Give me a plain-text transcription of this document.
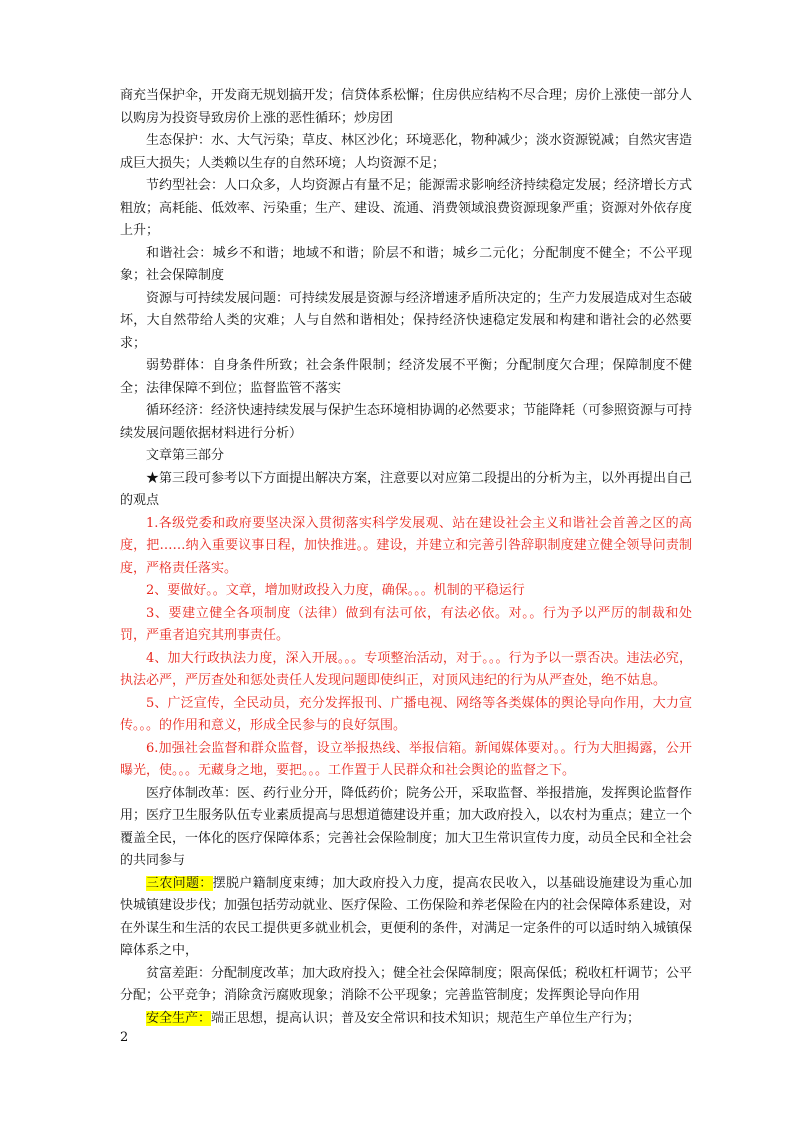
商充当保护伞，开发商无规划搞开发；信贷体系松懈；住房供应结构不尽合理；房价上涨使一部分人以购房为投资导致房价上涨的恶性循环；炒房团

生态保护：水、大气污染；草皮、林区沙化；环境恶化，物种减少；淡水资源锐减；自然灾害造成巨大损失；人类赖以生存的自然环境；人均资源不足；

节约型社会：人口众多，人均资源占有量不足；能源需求影响经济持续稳定发展；经济增长方式粗放；高耗能、低效率、污染重；生产、建设、流通、消费领域浪费资源现象严重；资源对外依存度上升；

和谐社会：城乡不和谐；地域不和谐；阶层不和谐；城乡二元化；分配制度不健全；不公平现象；社会保障制度

资源与可持续发展问题：可持续发展是资源与经济增速矛盾所决定的；生产力发展造成对生态破坏，大自然带给人类的灾难；人与自然和谐相处；保持经济快速稳定发展和构建和谐社会的必然要求；

弱势群体：自身条件所致；社会条件限制；经济发展不平衡；分配制度欠合理；保障制度不健全；法律保障不到位；监督监管不落实

循环经济：经济快速持续发展与保护生态环境相协调的必然要求；节能降耗（可参照资源与可持续发展问题依据材料进行分析）

文章第三部分

★第三段可参考以下方面提出解决方案，注意要以对应第二段提出的分析为主，以外再提出自己的观点

1.各级党委和政府要坚决深入贯彻落实科学发展观、站在建设社会主义和谐社会首善之区的高度，把……纳入重要议事日程，加快推进。。建设，并建立和完善引咎辞职制度建立健全领导问责制度，严格责任落实。

2、要做好。。文章，增加财政投入力度，确保。。。机制的平稳运行

3、要建立健全各项制度（法律）做到有法可依，有法必依。对。。行为予以严厉的制裁和处罚，严重者追究其刑事责任。

4、加大行政执法力度，深入开展。。。专项整治活动，对于。。。行为予以一票否决。违法必究，执法必严，严厉查处和惩处责任人发现问题即使纠正，对顶风违纪的行为从严查处，绝不姑息。

5、广泛宣传，全民动员，充分发挥报刊、广播电视、网络等各类媒体的舆论导向作用，大力宣传。。。的作用和意义，形成全民参与的良好氛围。

6.加强社会监督和群众监督，设立举报热线、举报信箱。新闻媒体要对。。行为大胆揭露，公开曝光，使。。。无藏身之地，要把。。。工作置于人民群众和社会舆论的监督之下。

医疗体制改革：医、药行业分开，降低药价；院务公开，采取监督、举报措施，发挥舆论监督作用；医疗卫生服务队伍专业素质提高与思想道德建设并重；加大政府投入，以农村为重点；建立一个覆盖全民，一体化的医疗保障体系；完善社会保险制度；加大卫生常识宣传力度，动员全民和全社会的共同参与

三农问题：摆脱户籍制度束缚；加大政府投入力度，提高农民收入，以基础设施建设为重心加快城镇建设步伐；加强包括劳动就业、医疗保险、工伤保险和养老保险在内的社会保障体系建设，对在外谋生和生活的农民工提供更多就业机会，更便利的条件，对满足一定条件的可以适时纳入城镇保障体系之中，

贫富差距：分配制度改革；加大政府投入；健全社会保障制度；限高保低；税收杠杆调节；公平分配；公平竞争；消除贪污腐败现象；消除不公平现象；完善监管制度；发挥舆论导向作用

安全生产：端正思想，提高认识；普及安全常识和技术知识；规范生产单位生产行为；

2
